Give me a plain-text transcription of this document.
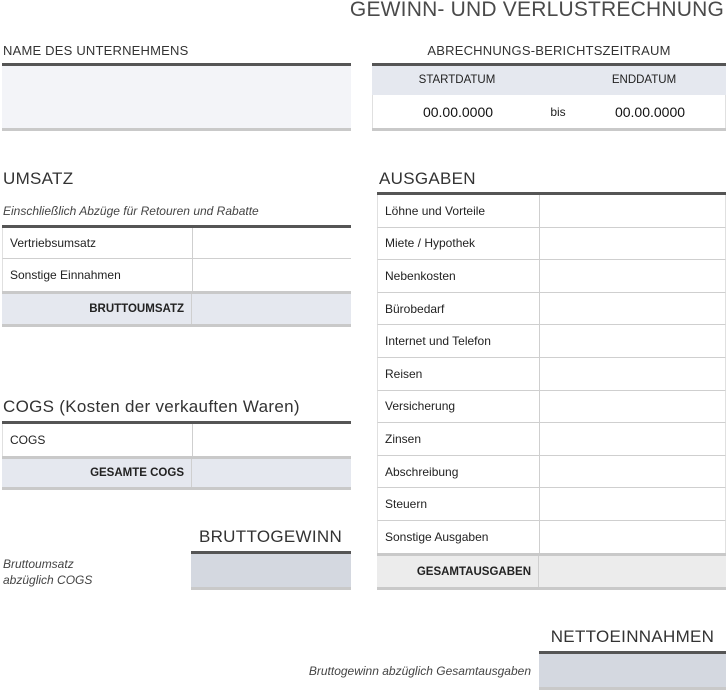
GEWINN- UND VERLUSTRECHNUNG
NAME DES UNTERNEHMENS	ABRECHNUNGS-BERICHTSZEITRAUM
STARTDATUM	ENDDATUM
00.00.0000	bis	00.00.0000
UMSATZ
Einschließlich Abzüge für Retouren und Rabatte
Vertriebsumsatz
Sonstige Einnahmen
BRUTTOUMSATZ
COGS (Kosten der verkauften Waren)
COGS
GESAMTE COGS
BRUTTOGEWINN
Bruttoumsatz
abzüglich COGS
AUSGABEN
Löhne und Vorteile
Miete / Hypothek
Nebenkosten
Bürobedarf
Internet und Telefon
Reisen
Versicherung
Zinsen
Abschreibung
Steuern
Sonstige Ausgaben
GESAMTAUSGABEN
NETTOEINNAHMEN
Bruttogewinn abzüglich Gesamtausgaben
